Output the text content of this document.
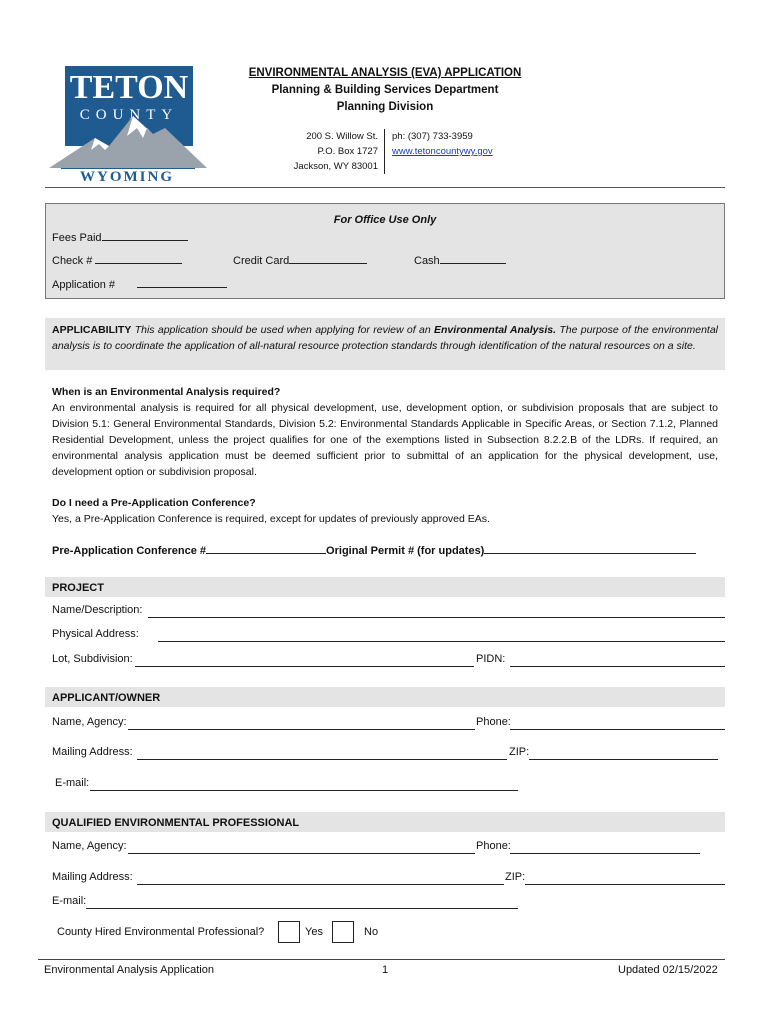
TETON
COUNTY
WYOMING
ENVIRONMENTAL ANALYSIS (EVA) APPLICATION
Planning & Building Services Department
Planning Division
200 S. Willow St.
P.O. Box 1727
Jackson, WY 83001
ph: (307) 733-3959
www.tetoncountywy.gov
For Office Use Only
Fees Paid
Check #	Credit Card	Cash
Application #
APPLICABILITY This application should be used when applying for review of an Environmental Analysis. The purpose of the environmental analysis is to coordinate the application of all-natural resource protection standards through identification of the natural resources on a site.
When is an Environmental Analysis required?
An environmental analysis is required for all physical development, use, development option, or subdivision proposals that are subject to Division 5.1: General Environmental Standards, Division 5.2: Environmental Standards Applicable in Specific Areas, or Section 7.1.2, Planned Residential Development, unless the project qualifies for one of the exemptions listed in Subsection 8.2.2.B of the LDRs. If required, an environmental analysis application must be deemed sufficient prior to submittal of an application for the physical development, use, development option or subdivision proposal.
Do I need a Pre-Application Conference?
Yes, a Pre-Application Conference is required, except for updates of previously approved EAs.
Pre-Application Conference #	Original Permit # (for updates)
PROJECT
Name/Description:
Physical Address:
Lot, Subdivision:	PIDN:
APPLICANT/OWNER
Name, Agency:	Phone:
Mailing Address:	ZIP:
E-mail:
QUALIFIED ENVIRONMENTAL PROFESSIONAL
Name, Agency:	Phone:
Mailing Address:	ZIP:
E-mail:
County Hired Environmental Professional?	Yes	No
Environmental Analysis Application	1	Updated 02/15/2022
